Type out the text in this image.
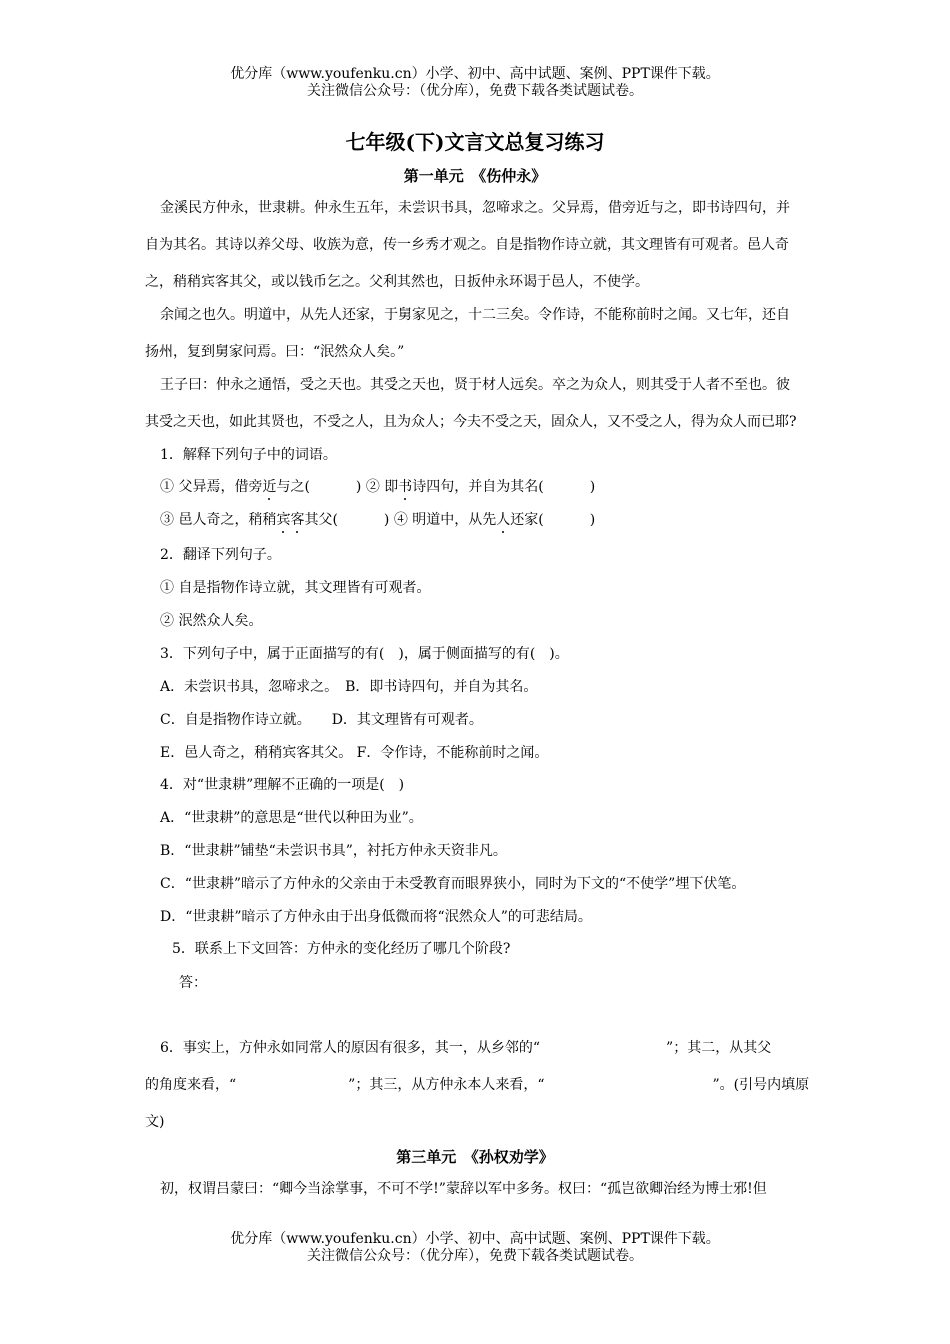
优分库（www.youfenku.cn）小学、初中、高中试题、案例、PPT课件下载。
关注微信公众号：（优分库），免费下载各类试题试卷。
七年级(下)文言文总复习练习
第一单元　《伤仲永》
金溪民方仲永，世隶耕。仲永生五年，未尝识书具，忽啼求之。父异焉，借旁近与之，即书诗四句，并
自为其名。其诗以养父母、收族为意，传一乡秀才观之。自是指物作诗立就，其文理皆有可观者。邑人奇
之，稍稍宾客其父，或以钱币乞之。父利其然也，日扳仲永环谒于邑人，不使学。
余闻之也久。明道中，从先人还家，于舅家见之，十二三矣。令作诗，不能称前时之闻。又七年，还自
扬州，复到舅家问焉。曰：“泯然众人矣。”
王子曰：仲永之通悟，受之天也。其受之天也，贤于材人远矣。卒之为众人，则其受于人者不至也。彼
其受之天也，如此其贤也，不受之人，且为众人；今夫不受之天，固众人，又不受之人，得为众人而已耶?
1．解释下列句子中的词语。
① 父异焉，借旁近与之(	) ② 即书诗四句，并自为其名(	)
③ 邑人奇之，稍稍宾客其父(	) ④ 明道中，从先人还家(	)
2．翻译下列句子。
① 自是指物作诗立就，其文理皆有可观者。
② 泯然众人矣。
3．下列句子中，属于正面描写的有(　)，属于侧面描写的有(　)。
A．未尝识书具，忽啼求之。　B．即书诗四句，并自为其名。
C．自是指物作诗立就。　　D．其文理皆有可观者。
E．邑人奇之，稍稍宾客其父。 F．令作诗，不能称前时之闻。
4．对“世隶耕”理解不正确的一项是(　)
A．“世隶耕”的意思是“世代以种田为业”。
B．“世隶耕”铺垫“未尝识书具”，衬托方仲永天资非凡。
C．“世隶耕”暗示了方仲永的父亲由于未受教育而眼界狭小，同时为下文的“不使学”埋下伏笔。
D．“世隶耕”暗示了方仲永由于出身低微而将“泯然众人”的可悲结局。
5．联系上下文回答：方仲永的变化经历了哪几个阶段?
答：
6．事实上，方仲永如同常人的原因有很多，其一，从乡邻的“　　　　　　　　　”；其二，从其父
的角度来看，“　　　　　　　　”；其三，从方仲永本人来看，“　　　　　　　　　　　　”。(引号内填原
文)
第三单元　《孙权劝学》
初，权谓吕蒙曰：“卿今当涂掌事，不可不学!”蒙辞以军中多务。权曰：“孤岂欲卿治经为博士邪!但
优分库（www.youfenku.cn）小学、初中、高中试题、案例、PPT课件下载。
关注微信公众号：（优分库），免费下载各类试题试卷。
